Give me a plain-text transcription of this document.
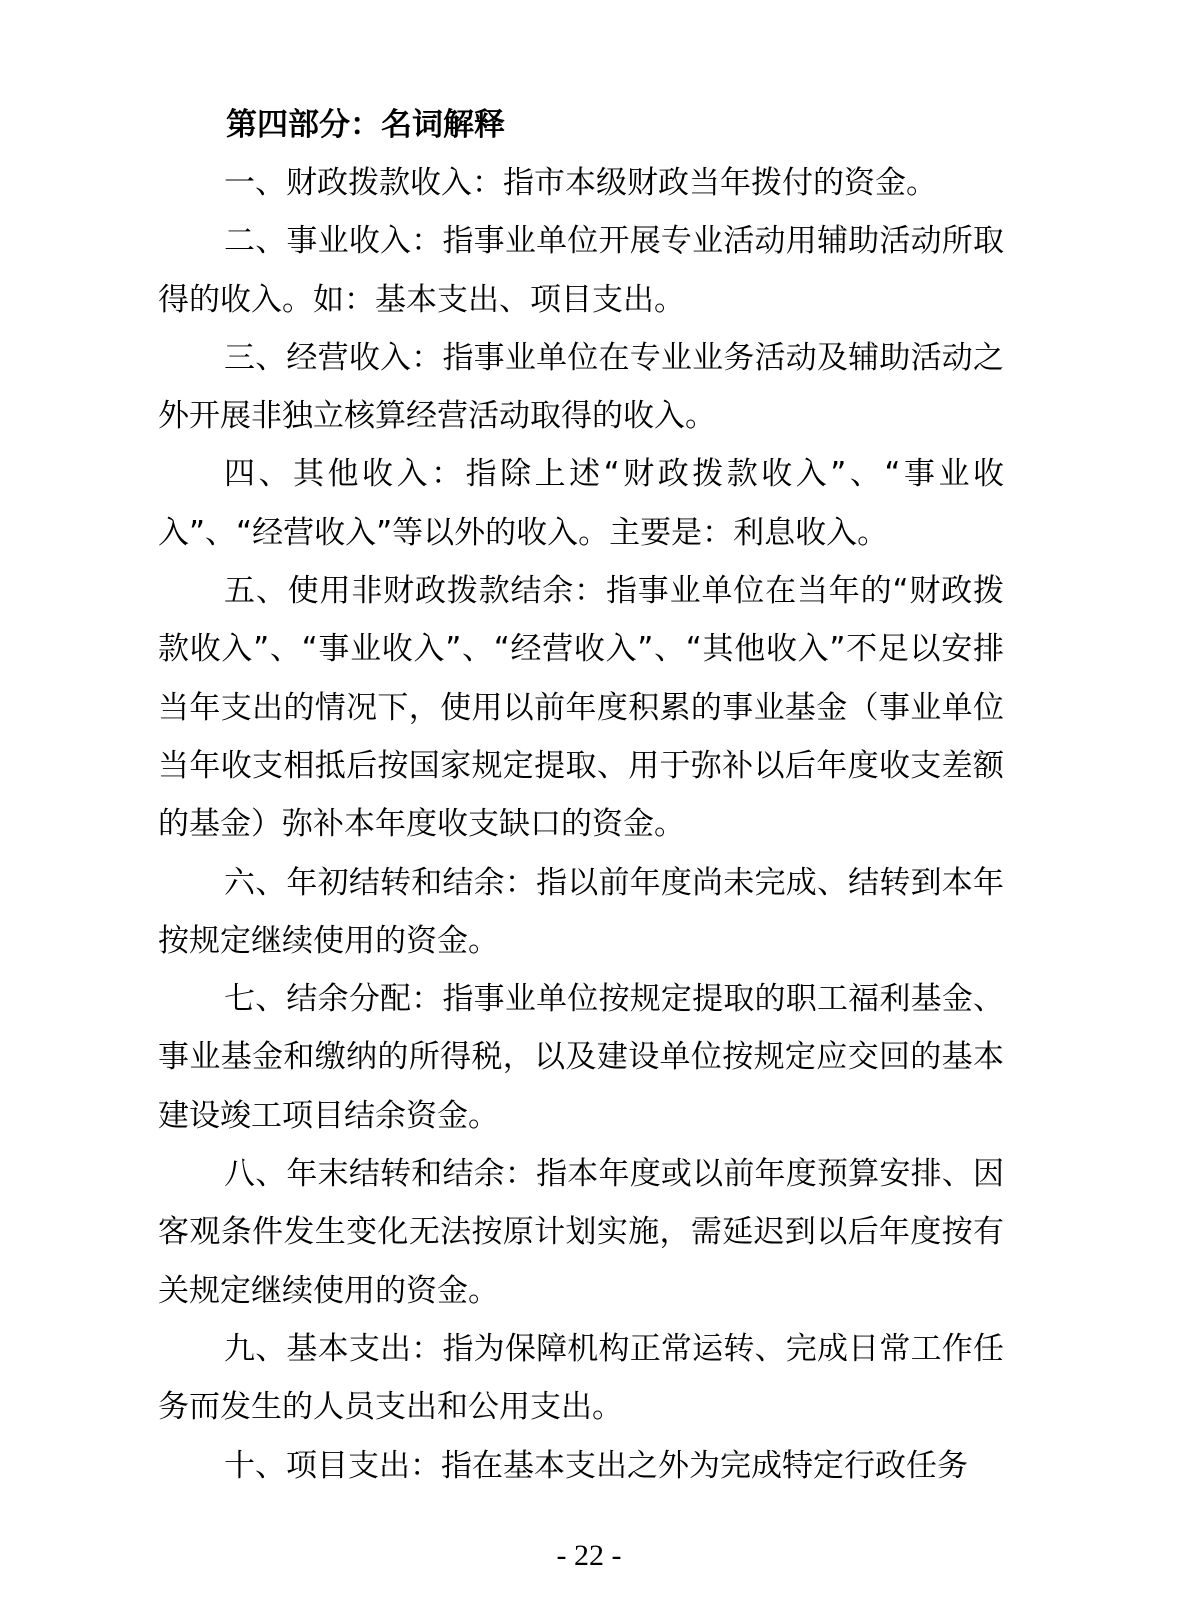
第四部分：名词解释

一、财政拨款收入：指市本级财政当年拨付的资金。

二、事业收入：指事业单位开展专业活动用辅助活动所取得的收入。如：基本支出、项目支出。

三、经营收入：指事业单位在专业业务活动及辅助活动之外开展非独立核算经营活动取得的收入。

四、其他收入：指除上述“财政拨款收入”、“事业收入”、“经营收入”等以外的收入。主要是：利息收入。

五、使用非财政拨款结余：指事业单位在当年的“财政拨款收入”、“事业收入”、“经营收入”、“其他收入”不足以安排当年支出的情况下，使用以前年度积累的事业基金（事业单位当年收支相抵后按国家规定提取、用于弥补以后年度收支差额的基金）弥补本年度收支缺口的资金。

六、年初结转和结余：指以前年度尚未完成、结转到本年按规定继续使用的资金。

七、结余分配：指事业单位按规定提取的职工福利基金、事业基金和缴纳的所得税，以及建设单位按规定应交回的基本建设竣工项目结余资金。

八、年末结转和结余：指本年度或以前年度预算安排、因客观条件发生变化无法按原计划实施，需延迟到以后年度按有关规定继续使用的资金。

九、基本支出：指为保障机构正常运转、完成日常工作任务而发生的人员支出和公用支出。

十、项目支出：指在基本支出之外为完成特定行政任务

- 22 -
